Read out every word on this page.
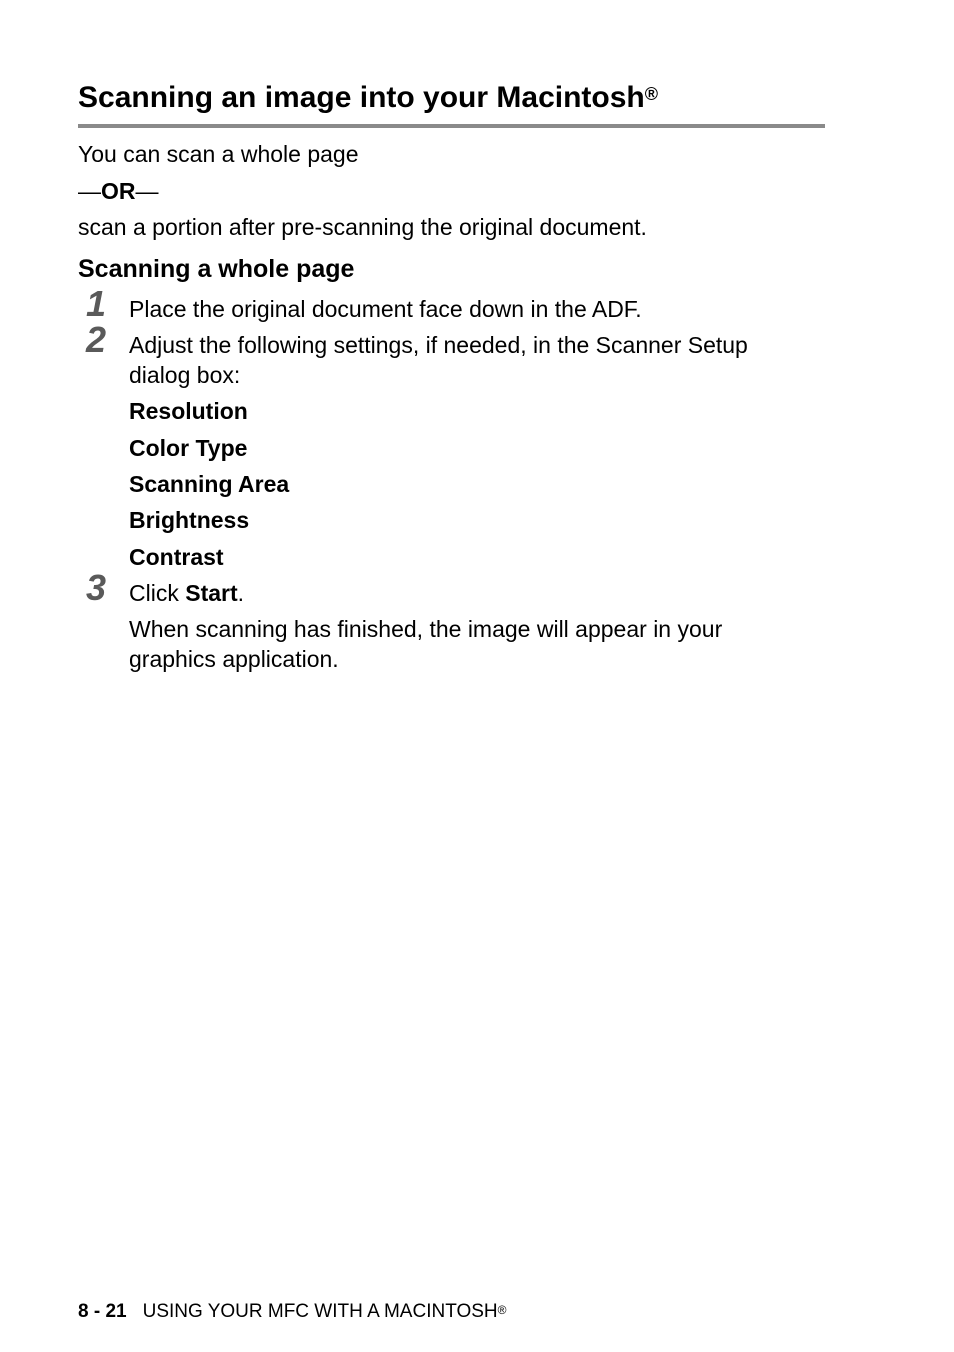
Scanning an image into your Macintosh®

You can scan a whole page

—OR—

scan a portion after pre-scanning the original document.

Scanning a whole page
1 Place the original document face down in the ADF.

2 Adjust the following settings, if needed, in the Scanner Setup

dialog box:

Resolution

Color Type

Scanning Area

Brightness

Contrast

3 Click Start.

When scanning has finished, the image will appear in your

graphics application.

8 - 21 USING YOUR MFC WITH A MACINTOSH®
